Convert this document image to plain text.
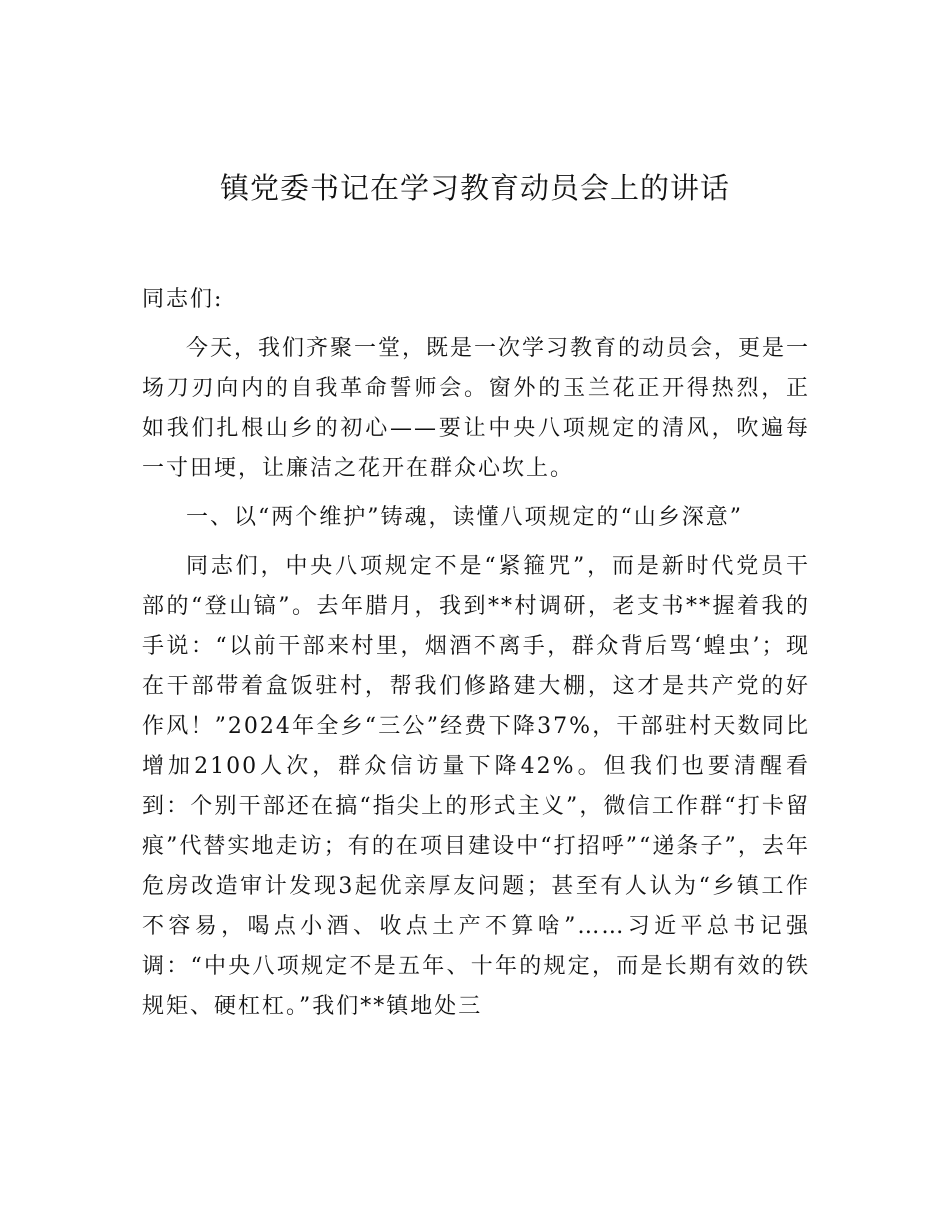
镇党委书记在学习教育动员会上的讲话

同志们:

今天，我们齐聚一堂，既是一次学习教育的动员会，更是一场刀刃向内的自我革命誓师会。窗外的玉兰花正开得热烈，正如我们扎根山乡的初心——要让中央八项规定的清风，吹遍每一寸田埂，让廉洁之花开在群众心坎上。

一、以“两个维护”铸魂，读懂八项规定的“山乡深意”

同志们，中央八项规定不是“紧箍咒”，而是新时代党员干部的“登山镐”。去年腊月，我到**村调研，老支书**握着我的手说：“以前干部来村里，烟酒不离手，群众背后骂‘蝗虫’；现在干部带着盒饭驻村，帮我们修路建大棚，这才是共产党的好作风！”2024年全乡“三公”经费下降37%，干部驻村天数同比增加2100人次，群众信访量下降42%。但我们也要清醒看到：个别干部还在搞“指尖上的形式主义”，微信工作群“打卡留痕”代替实地走访；有的在项目建设中“打招呼”“递条子”，去年危房改造审计发现3起优亲厚友问题；甚至有人认为“乡镇工作不容易，喝点小酒、收点土产不算啥”……习近平总书记强调：“中央八项规定不是五年、十年的规定，而是长期有效的铁规矩、硬杠杠。”我们**镇地处三
